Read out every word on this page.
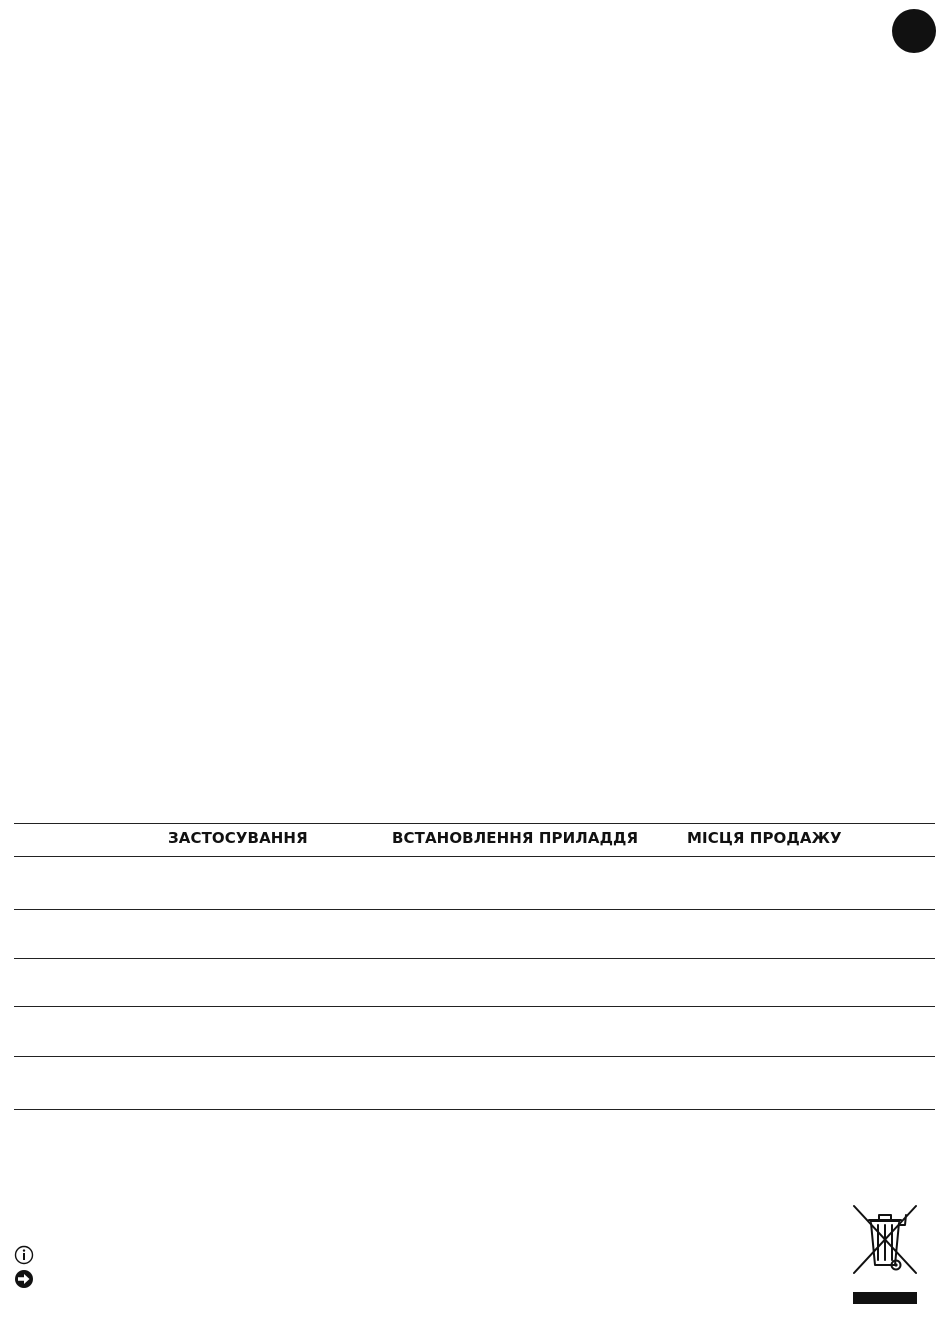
ЗАСТОСУВАННЯ	ВСТАНОВЛЕННЯ ПРИЛАДДЯ	МІСЦЯ ПРОДАЖУ
